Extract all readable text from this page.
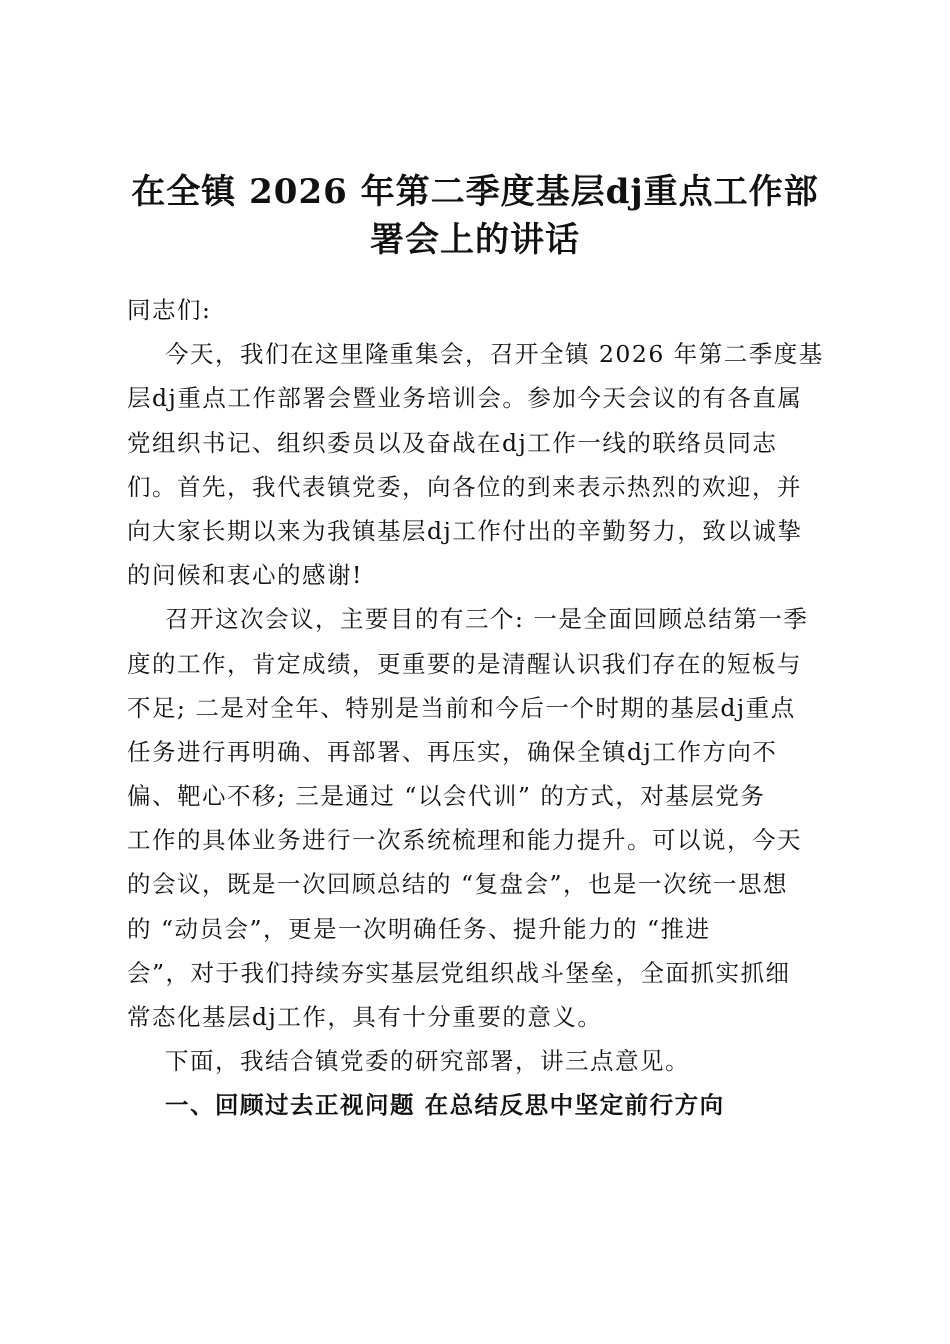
在全镇 2026 年第二季度基层dj重点工作部
署会上的讲话
同志们:
今天，我们在这里隆重集会，召开全镇 2026 年第二季度基
层dj重点工作部署会暨业务培训会。参加今天会议的有各直属
党组织书记、组织委员以及奋战在dj工作一线的联络员同志
们。首先，我代表镇党委，向各位的到来表示热烈的欢迎，并
向大家长期以来为我镇基层dj工作付出的辛勤努力，致以诚挚
的问候和衷心的感谢!
召开这次会议，主要目的有三个: 一是全面回顾总结第一季
度的工作，肯定成绩，更重要的是清醒认识我们存在的短板与
不足; 二是对全年、特别是当前和今后一个时期的基层dj重点
任务进行再明确、再部署、再压实，确保全镇dj工作方向不
偏、靶心不移; 三是通过 “以会代训” 的方式，对基层党务
工作的具体业务进行一次系统梳理和能力提升。可以说，今天
的会议，既是一次回顾总结的 “复盘会”，也是一次统一思想
的 “动员会”，更是一次明确任务、提升能力的 “推进
会”，对于我们持续夯实基层党组织战斗堡垒，全面抓实抓细
常态化基层dj工作，具有十分重要的意义。
下面，我结合镇党委的研究部署，讲三点意见。
一、回顾过去正视问题 在总结反思中坚定前行方向
